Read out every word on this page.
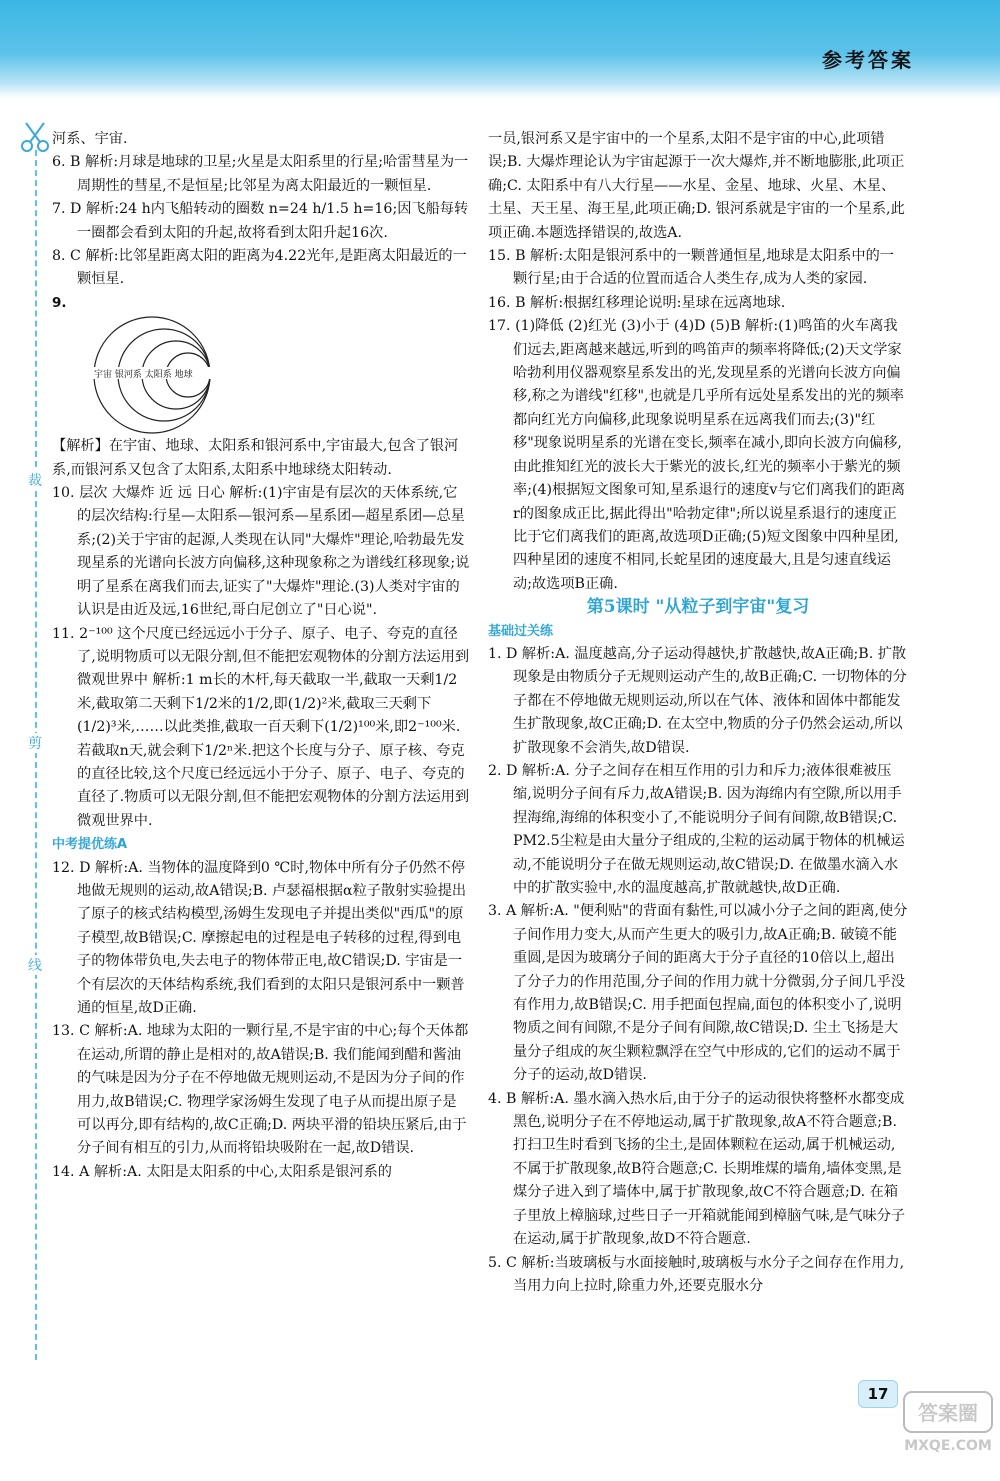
参考答案
裁
剪
线

河系、宇宙.

6. B 解析:月球是地球的卫星;火星是太阳系里的行星;哈雷彗星为一周期性的彗星,不是恒星;比邻星为离太阳最近的一颗恒星.

7. D 解析:24 h内飞船转动的圈数 n=24 h/1.5 h=16;因飞船每转一圈都会看到太阳的升起,故将看到太阳升起16次.

8. C 解析:比邻星距离太阳的距离为4.22光年,是距离太阳最近的一颗恒星.

9.

宇宙 银河系 太阳系 地球

【解析】在宇宙、地球、太阳系和银河系中,宇宙最大,包含了银河系,而银河系又包含了太阳系,太阳系中地球绕太阳转动.

10. 层次 大爆炸 近 远 日心 解析:(1)宇宙是有层次的天体系统,它的层次结构:行星—太阳系—银河系—星系团—超星系团—总星系;(2)关于宇宙的起源,人类现在认同"大爆炸"理论,哈勃最先发现星系的光谱向长波方向偏移,这种现象称之为谱线红移现象;说明了星系在离我们而去,证实了"大爆炸"理论.(3)人类对宇宙的认识是由近及远,16世纪,哥白尼创立了"日心说".

11. 2⁻¹⁰⁰ 这个尺度已经远远小于分子、原子、电子、夸克的直径了,说明物质可以无限分割,但不能把宏观物体的分割方法运用到微观世界中 解析:1 m长的木杆,每天截取一半,截取一天剩1/2米,截取第二天剩下1/2米的1/2,即(1/2)²米,截取三天剩下(1/2)³米,……以此类推,截取一百天剩下(1/2)¹⁰⁰米,即2⁻¹⁰⁰米.若截取n天,就会剩下1/2ⁿ米.把这个长度与分子、原子核、夸克的直径比较,这个尺度已经远远小于分子、原子、电子、夸克的直径了.物质可以无限分割,但不能把宏观物体的分割方法运用到微观世界中.

中考提优练A

12. D 解析:A. 当物体的温度降到0 ℃时,物体中所有分子仍然不停地做无规则的运动,故A错误;B. 卢瑟福根据α粒子散射实验提出了原子的核式结构模型,汤姆生发现电子并提出类似"西瓜"的原子模型,故B错误;C. 摩擦起电的过程是电子转移的过程,得到电子的物体带负电,失去电子的物体带正电,故C错误;D. 宇宙是一个有层次的天体结构系统,我们看到的太阳只是银河系中一颗普通的恒星,故D正确.

13. C 解析:A. 地球为太阳的一颗行星,不是宇宙的中心;每个天体都在运动,所谓的静止是相对的,故A错误;B. 我们能闻到醋和酱油的气味是因为分子在不停地做无规则运动,不是因为分子间的作用力,故B错误;C. 物理学家汤姆生发现了电子从而提出原子是可以再分,即有结构的,故C正确;D. 两块平滑的铅块压紧后,由于分子间有相互的引力,从而将铅块吸附在一起,故D错误.

14. A 解析:A. 太阳是太阳系的中心,太阳系是银河系的

一员,银河系又是宇宙中的一个星系,太阳不是宇宙的中心,此项错误;B. 大爆炸理论认为宇宙起源于一次大爆炸,并不断地膨胀,此项正确;C. 太阳系中有八大行星——水星、金星、地球、火星、木星、土星、天王星、海王星,此项正确;D. 银河系就是宇宙的一个星系,此项正确.本题选择错误的,故选A.

15. B 解析:太阳是银河系中的一颗普通恒星,地球是太阳系中的一颗行星;由于合适的位置而适合人类生存,成为人类的家园.

16. B 解析:根据红移理论说明:星球在远离地球.

17. (1)降低 (2)红光 (3)小于 (4)D (5)B 解析:(1)鸣笛的火车离我们远去,距离越来越远,听到的鸣笛声的频率将降低;(2)天文学家哈勃利用仪器观察星系发出的光,发现星系的光谱向长波方向偏移,称之为谱线"红移",也就是几乎所有远处星系发出的光的频率都向红光方向偏移,此现象说明星系在远离我们而去;(3)"红移"现象说明星系的光谱在变长,频率在减小,即向长波方向偏移,由此推知红光的波长大于紫光的波长,红光的频率小于紫光的频率;(4)根据短文图象可知,星系退行的速度v与它们离我们的距离r的图象成正比,据此得出"哈勃定律";所以说星系退行的速度正比于它们离我们的距离,故选项D正确;(5)短文图象中四种星团,四种星团的速度不相同,长蛇星团的速度最大,且是匀速直线运动;故选项B正确.

第5课时 "从粒子到宇宙"复习

基础过关练

1. D 解析:A. 温度越高,分子运动得越快,扩散越快,故A正确;B. 扩散现象是由物质分子无规则运动产生的,故B正确;C. 一切物体的分子都在不停地做无规则运动,所以在气体、液体和固体中都能发生扩散现象,故C正确;D. 在太空中,物质的分子仍然会运动,所以扩散现象不会消失,故D错误.

2. D 解析:A. 分子之间存在相互作用的引力和斥力;液体很难被压缩,说明分子间有斥力,故A错误;B. 因为海绵内有空隙,所以用手捏海绵,海绵的体积变小了,不能说明分子间有间隙,故B错误;C. PM2.5尘粒是由大量分子组成的,尘粒的运动属于物体的机械运动,不能说明分子在做无规则运动,故C错误;D. 在做墨水滴入水中的扩散实验中,水的温度越高,扩散就越快,故D正确.

3. A 解析:A. "便利贴"的背面有黏性,可以减小分子之间的距离,使分子间作用力变大,从而产生更大的吸引力,故A正确;B. 破镜不能重圆,是因为玻璃分子间的距离大于分子直径的10倍以上,超出了分子力的作用范围,分子间的作用力就十分微弱,分子间几乎没有作用力,故B错误;C. 用手把面包捏扁,面包的体积变小了,说明物质之间有间隙,不是分子间有间隙,故C错误;D. 尘土飞扬是大量分子组成的灰尘颗粒飘浮在空气中形成的,它们的运动不属于分子的运动,故D错误.

4. B 解析:A. 墨水滴入热水后,由于分子的运动很快将整杯水都变成黑色,说明分子在不停地运动,属于扩散现象,故A不符合题意;B. 打扫卫生时看到飞扬的尘土,是固体颗粒在运动,属于机械运动,不属于扩散现象,故B符合题意;C. 长期堆煤的墙角,墙体变黑,是煤分子进入到了墙体中,属于扩散现象,故C不符合题意;D. 在箱子里放上樟脑球,过些日子一开箱就能闻到樟脑气味,是气味分子在运动,属于扩散现象,故D不符合题意.

5. C 解析:当玻璃板与水面接触时,玻璃板与水分子之间存在作用力,当用力向上拉时,除重力外,还要克服水分

17
答案圈
MXQE.COM
